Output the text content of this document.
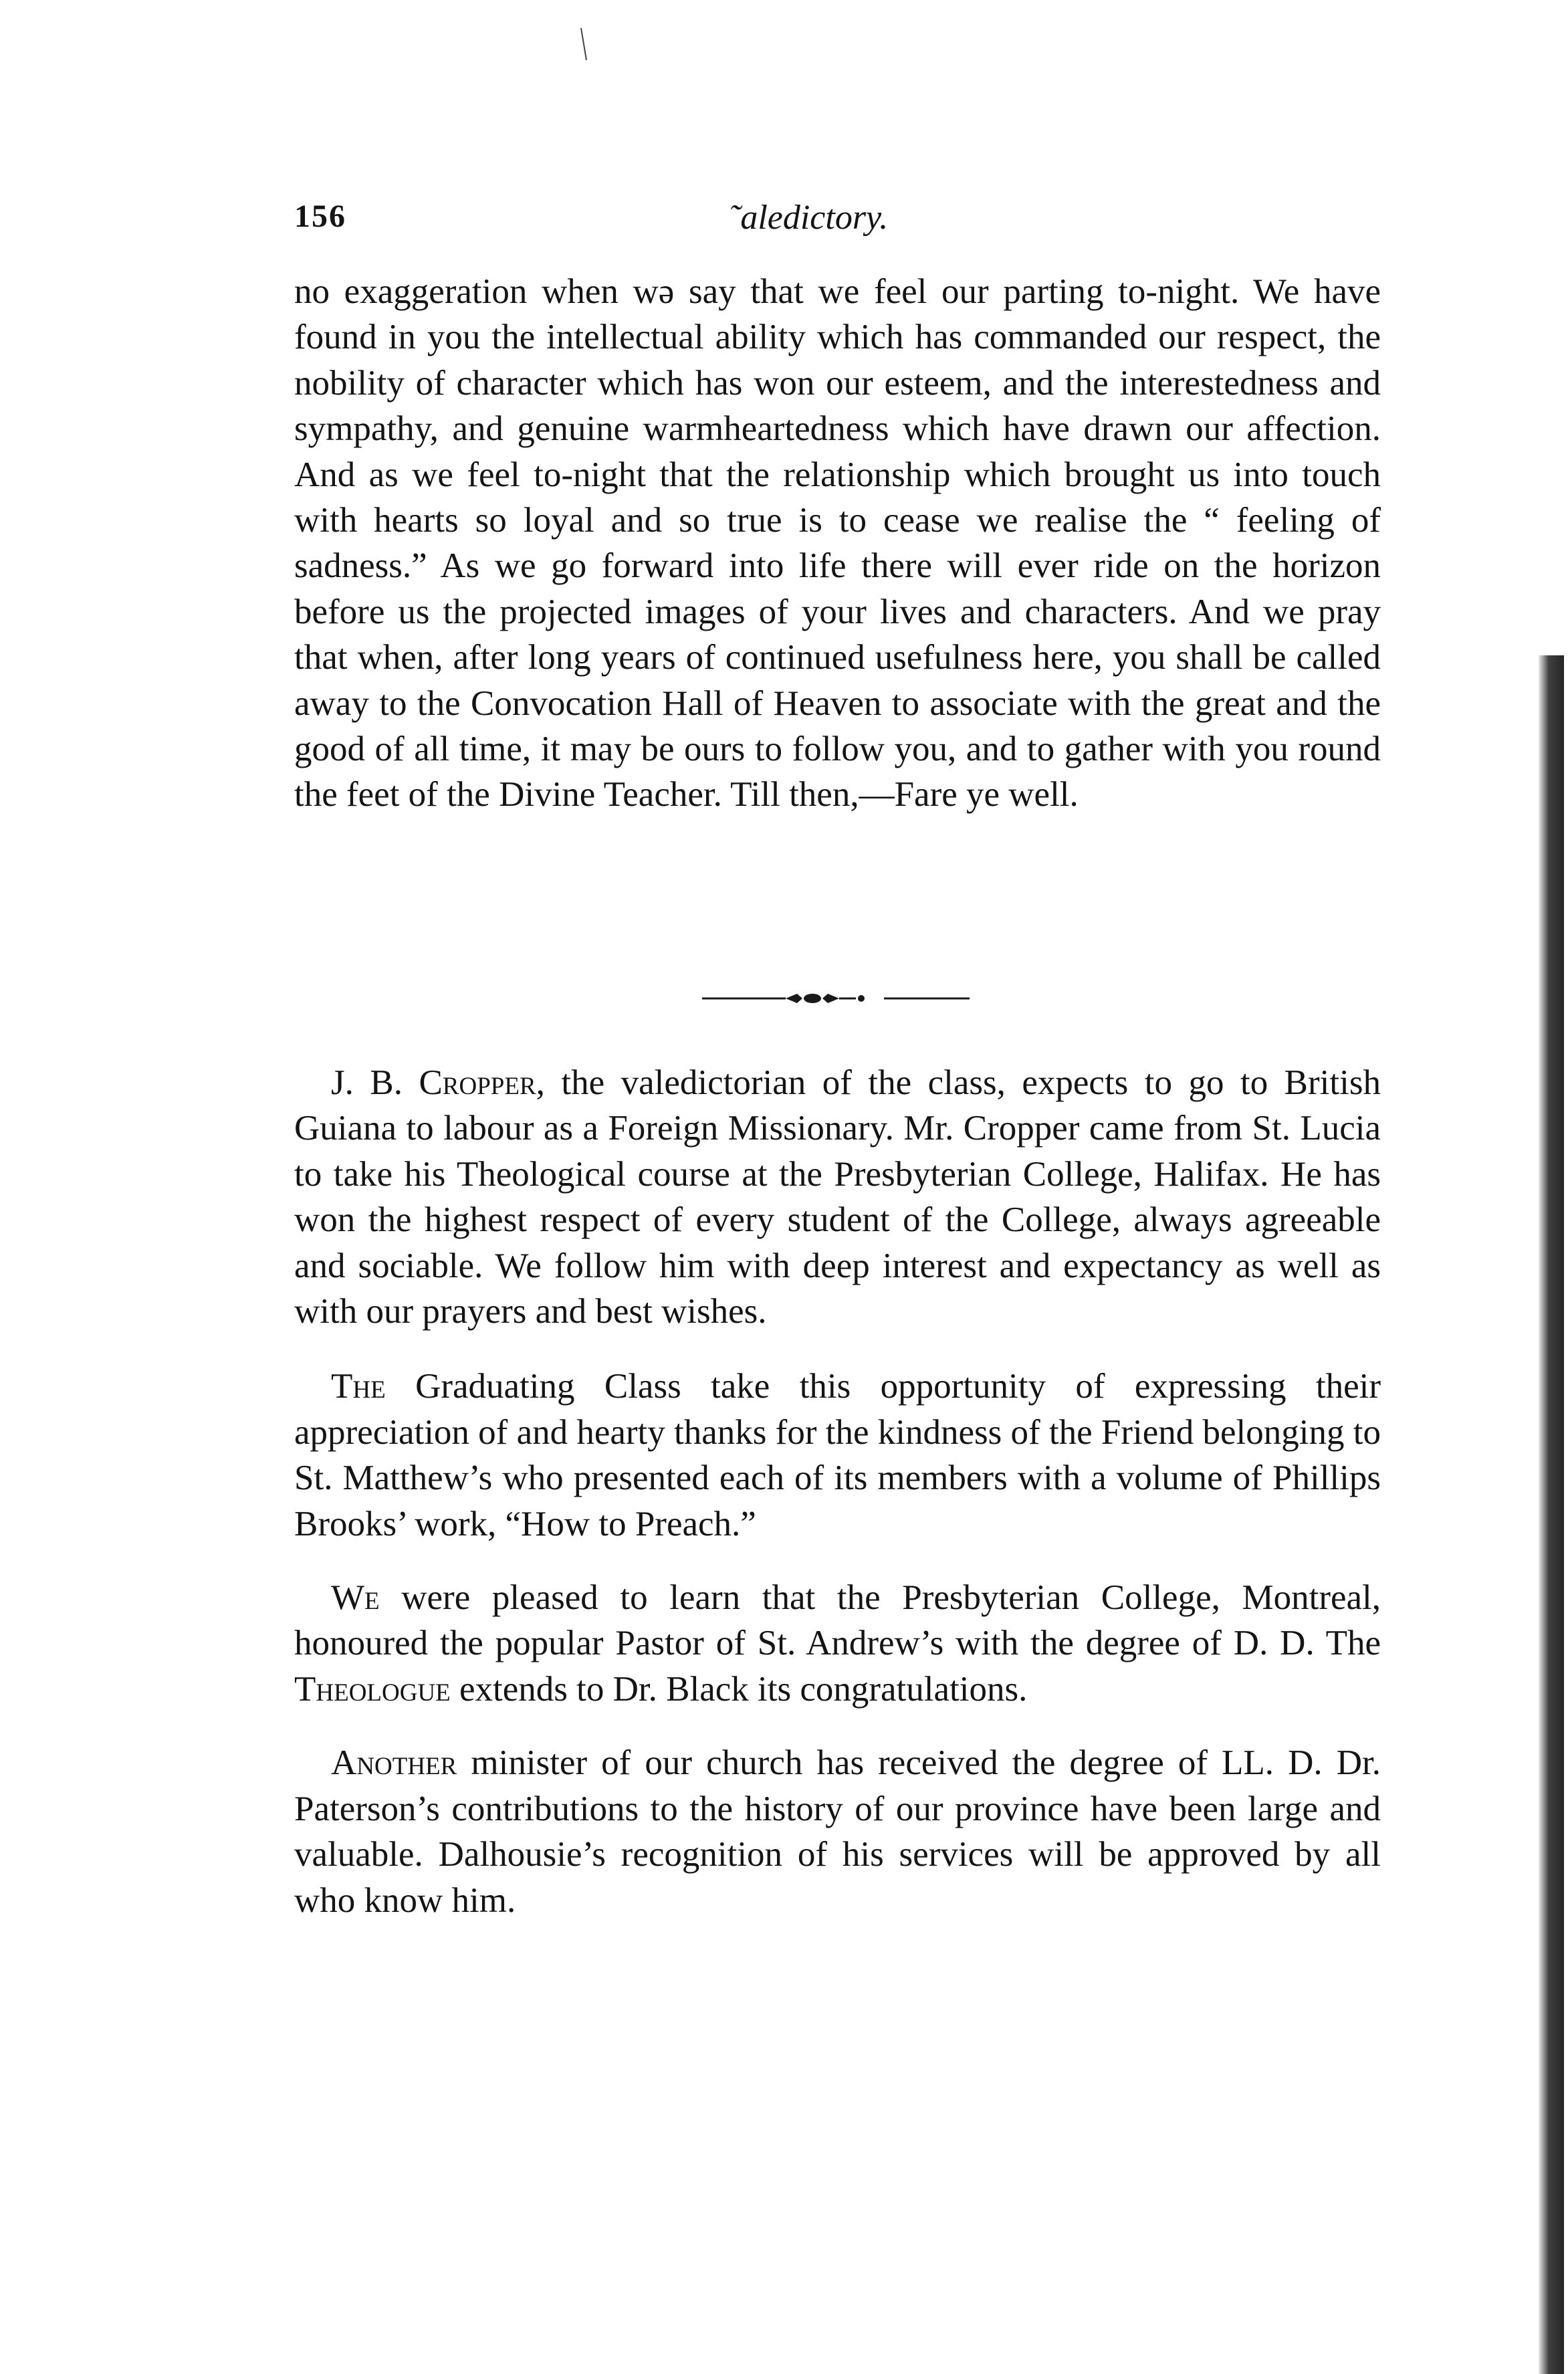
156	˜aledictory.

no exaggeration when wə say that we feel our parting to-night. We have found in you the intellectual ability which has commanded our respect, the nobility of character which has won our esteem, and the interestedness and sympathy, and genuine warmheartedness which have drawn our affection. And as we feel to-night that the relationship which brought us into touch with hearts so loyal and so true is to cease we realise the “ feeling of sadness.” As we go forward into life there will ever ride on the horizon before us the projected images of your lives and characters. And we pray that when, after long years of continued usefulness here, you shall be called away to the Convocation Hall of Heaven to associate with the great and the good of all time, it may be ours to follow you, and to gather with you round the feet of the Divine Teacher. Till then,—Fare ye well.

J. B. Cropper, the valedictorian of the class, expects to go to British Guiana to labour as a Foreign Missionary. Mr. Cropper came from St. Lucia to take his Theological course at the Presbyterian College, Halifax. He has won the highest respect of every student of the College, always agreeable and sociable. We follow him with deep interest and expectancy as well as with our prayers and best wishes.

The Graduating Class take this opportunity of expressing their appreciation of and hearty thanks for the kindness of the Friend belonging to St. Matthew’s who presented each of its members with a volume of Phillips Brooks’ work, “How to Preach.”

We were pleased to learn that the Presbyterian College, Montreal, honoured the popular Pastor of St. Andrew’s with the degree of D. D. The Theologue extends to Dr. Black its congratulations.

Another minister of our church has received the degree of LL. D. Dr. Paterson’s contributions to the history of our province have been large and valuable. Dalhousie’s recognition of his services will be approved by all who know him.
